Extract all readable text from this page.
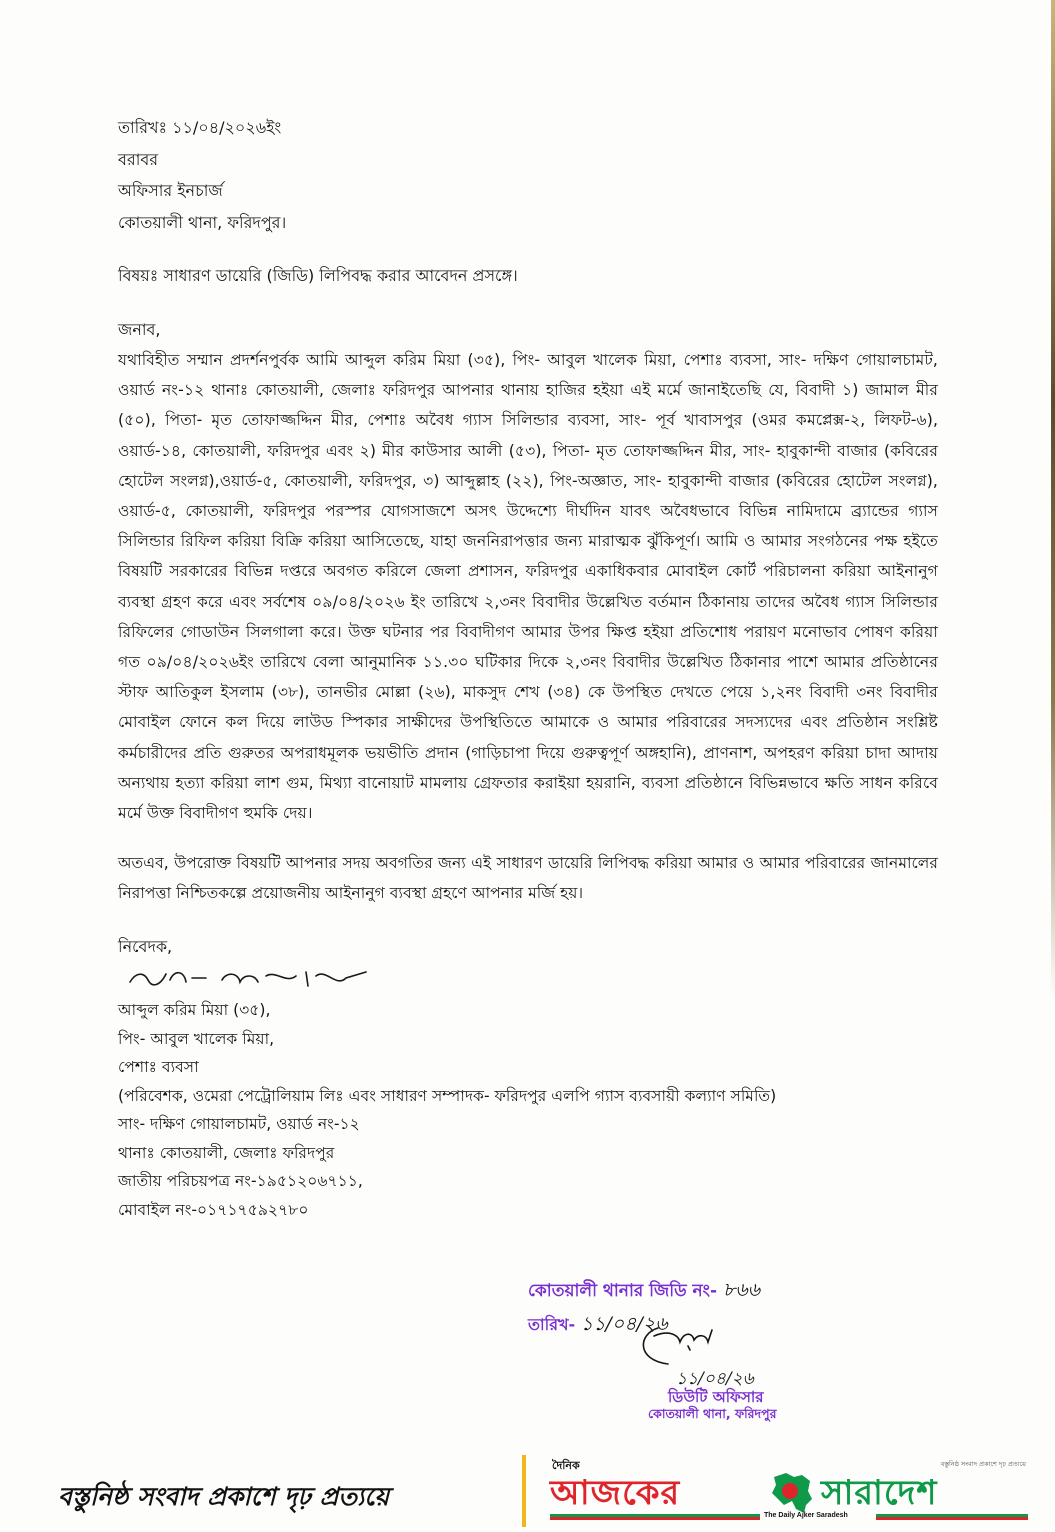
তারিখঃ ১১/০৪/২০২৬ইং
বরাবর
অফিসার ইনচার্জ
কোতয়ালী থানা, ফরিদপুর।
বিষয়ঃ সাধারণ ডায়েরি (জিডি) লিপিবদ্ধ করার আবেদন প্রসঙ্গে।
জনাব,

যথাবিহীত সম্মান প্রদর্শনপুর্বক আমি আব্দুল করিম মিয়া (৩৫), পিং- আবুল খালেক মিয়া, পেশাঃ ব্যবসা, সাং- দক্ষিণ গোয়ালচামট, ওয়ার্ড নং-১২ থানাঃ কোতয়ালী, জেলাঃ ফরিদপুর আপনার থানায় হাজির হইয়া এই মর্মে জানাইতেছি যে, বিবাদী ১) জামাল মীর (৫০), পিতা- মৃত তোফাজ্জদ্দিন মীর, পেশাঃ অবৈধ গ্যাস সিলিন্ডার ব্যবসা, সাং- পূর্ব খাবাসপুর (ওমর কমপ্লেক্স-২, লিফট-৬), ওয়ার্ড-১৪, কোতয়ালী, ফরিদপুর এবং ২) মীর কাউসার আলী (৫৩), পিতা- মৃত তোফাজ্জদ্দিন মীর, সাং- হাবুকান্দী বাজার (কবিরের হোটেল সংলগ্ন),ওয়ার্ড-৫, কোতয়ালী, ফরিদপুর, ৩) আব্দুল্লাহ (২২), পিং-অজ্ঞাত, সাং- হাবুকান্দী বাজার (কবিরের হোটেল সংলগ্ন), ওয়ার্ড-৫, কোতয়ালী, ফরিদপুর পরস্পর যোগসাজশে অসৎ উদ্দেশ্যে দীর্ঘদিন যাবৎ অবৈধভাবে বিভিন্ন নামিদামে ব্র্যান্ডের গ্যাস সিলিন্ডার রিফিল করিয়া বিক্রি করিয়া আসিতেছে, যাহা জননিরাপত্তার জন্য মারাত্মক ঝুঁকিপূর্ণ। আমি ও আমার সংগঠনের পক্ষ হইতে বিষয়টি সরকারের বিভিন্ন দপ্তরে অবগত করিলে জেলা প্রশাসন, ফরিদপুর একাধিকবার মোবাইল কোর্ট পরিচালনা করিয়া আইনানুগ ব্যবস্থা গ্রহণ করে এবং সর্বশেষ ০৯/০৪/২০২৬ ইং তারিখে ২,৩নং বিবাদীর উল্লেখিত বর্তমান ঠিকানায় তাদের অবৈধ গ্যাস সিলিন্ডার রিফিলের গোডাউন সিলগালা করে। উক্ত ঘটনার পর বিবাদীগণ আমার উপর ক্ষিপ্ত হইয়া প্রতিশোধ পরায়ণ মনোভাব পোষণ করিয়া গত ০৯/০৪/২০২৬ইং তারিখে বেলা আনুমানিক ১১.৩০ ঘটিকার দিকে ২,৩নং বিবাদীর উল্লেখিত ঠিকানার পাশে আমার প্রতিষ্ঠানের স্টাফ আতিকুল ইসলাম (৩৮), তানভীর মোল্লা (২৬), মাকসুদ শেখ (৩৪) কে উপস্থিত দেখতে পেয়ে ১,২নং বিবাদী ৩নং বিবাদীর মোবাইল ফোনে কল দিয়ে লাউড স্পিকার সাক্ষীদের উপস্থিতিতে আমাকে ও আমার পরিবারের সদস্যদের এবং প্রতিষ্ঠান সংশ্লিষ্ট কর্মচারীদের প্রতি গুরুতর অপরাধমূলক ভয়ভীতি প্রদান (গাড়িচাপা দিয়ে গুরুত্বপূর্ণ অঙ্গহানি), প্রাণনাশ, অপহরণ করিয়া চাদা আদায় অন্যথায় হত্যা করিয়া লাশ গুম, মিথ্যা বানোয়াট মামলায় গ্রেফতার করাইয়া হয়রানি, ব্যবসা প্রতিষ্ঠানে বিভিন্নভাবে ক্ষতি সাধন করিবে মর্মে উক্ত বিবাদীগণ হুমকি দেয়।

অতএব, উপরোক্ত বিষয়টি আপনার সদয় অবগতির জন্য এই সাধারণ ডায়েরি লিপিবদ্ধ করিয়া আমার ও আমার পরিবারের জানমালের নিরাপত্তা নিশ্চিতকল্পে প্রয়োজনীয় আইনানুগ ব্যবস্থা গ্রহণে আপনার মর্জি হয়।

নিবেদক,
আব্দুল করিম মিয়া (৩৫),
পিং- আবুল খালেক মিয়া,
পেশাঃ ব্যবসা
(পরিবেশক, ওমেরা পেট্রোলিয়াম লিঃ এবং সাধারণ সম্পাদক- ফরিদপুর এলপি গ্যাস ব্যবসায়ী কল্যাণ সমিতি)
সাং- দক্ষিণ গোয়ালচামট, ওয়ার্ড নং-১২
থানাঃ কোতয়ালী, জেলাঃ ফরিদপুর
জাতীয় পরিচয়পত্র নং-১৯৫১২০৬৭১১,
মোবাইল নং-০১৭১৭৫৯২৭৮০
কোতয়ালী থানার জিডি নং- ৮৬৬
তারিখ- ১১/০৪/২৬
১১/০৪/২৬
ডিউটি অফিসার
কোতয়ালী থানা, ফরিদপুর
বস্তুনিষ্ঠ সংবাদ প্রকাশে দৃঢ় প্রত্যয়ে
দৈনিক	বস্তুনিষ্ঠ সংবাদ প্রকাশে দৃঢ় প্রত্যয়ে
আজকের	সারাদেশ
The Daily Ajker Saradesh
